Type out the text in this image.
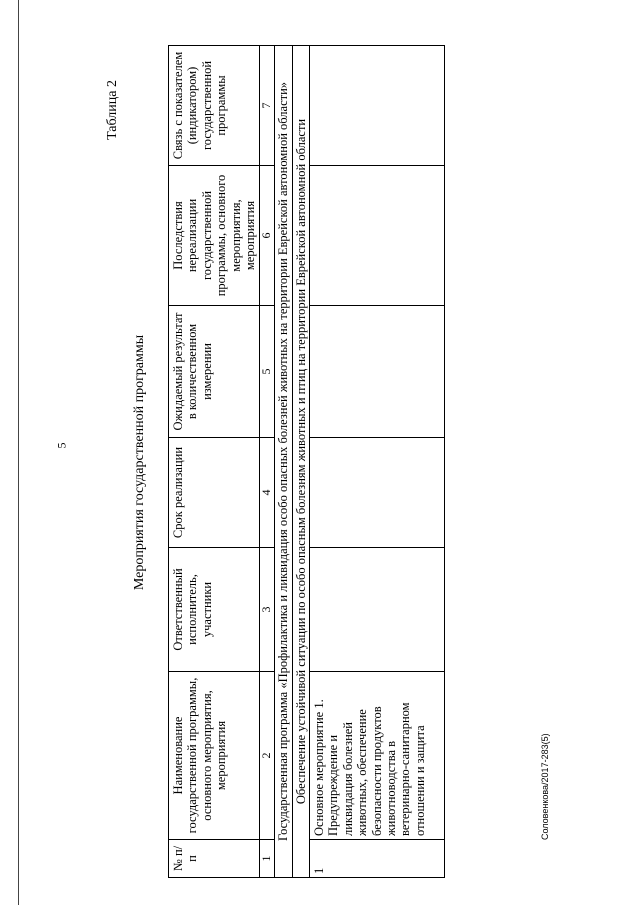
5
Соловенкова/2017-283(5)
Таблица 2
Мероприятия государственной программы
№ п/п	Наименование государственной программы, основного мероприятия, мероприятия	Ответственный исполнитель, участники	Срок реализации	Ожидаемый результат в количественном измерении	Последствия нереализации государственной программы, основного мероприятия, мероприятия	Связь с показателем (индикатором) государственной программы
1	2	3	4	5	6	7
Государственная программа «Профилактика и ликвидация особо опасных болезней животных на территории Еврейской автономной области»						
Обеспечение устойчивой ситуации по особо опасным болезням животных и птиц на территории Еврейской автономной области						
1	Основное мероприятие 1. Предупреждение и ликвидация болезней животных, обеспечение безопасности продуктов животноводства в ветеринарно-санитарном отношении и защита					
